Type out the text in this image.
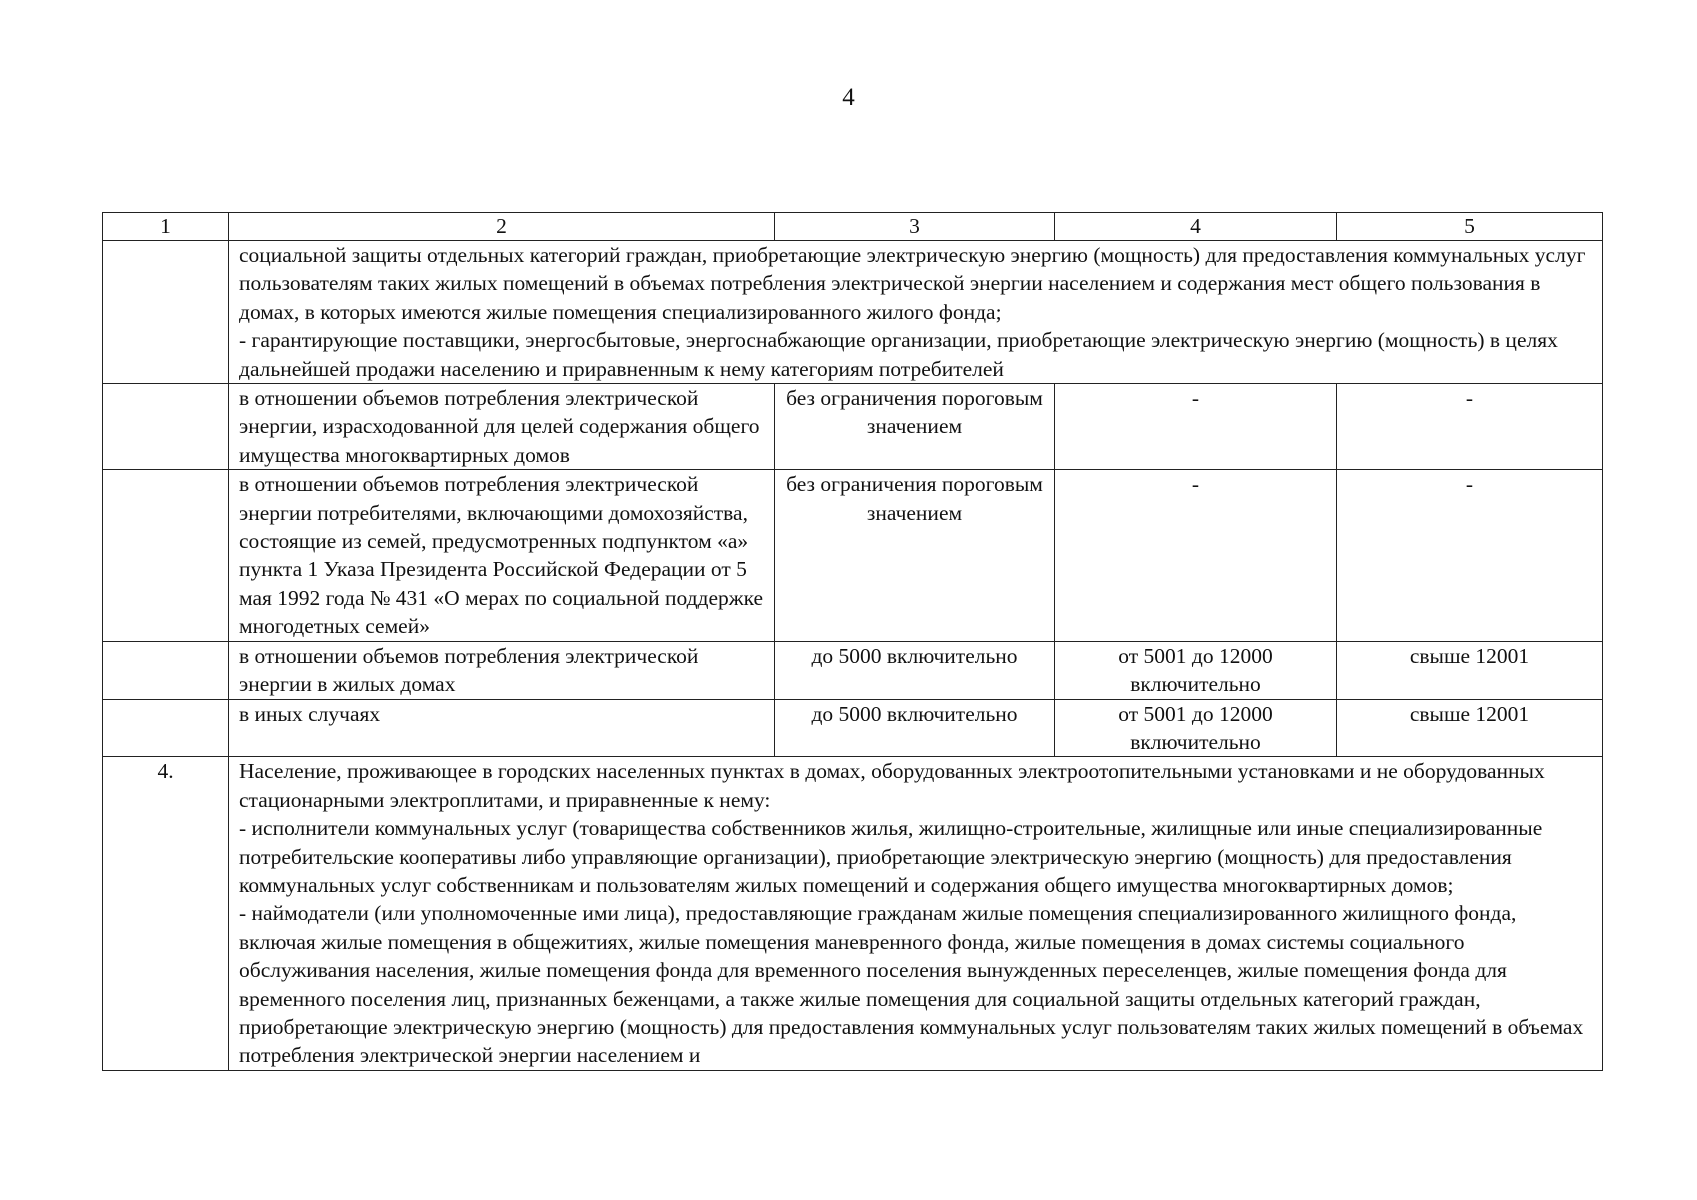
4
1	2	3	4	5

	социальной защиты отдельных категорий граждан, приобретающие электрическую энергию (мощность) для предоставления коммунальных услуг пользователям таких жилых помещений в объемах потребления электрической энергии населением и содержания мест общего пользования в домах, в которых имеются жилые помещения специализированного жилого фонда;
- гарантирующие поставщики, энергосбытовые, энергоснабжающие организации, приобретающие электрическую энергию (мощность) в целях дальнейшей продажи населению и приравненным к нему категориям потребителей			

	в отношении объемов потребления электрической энергии, израсходованной для целей содержания общего имущества многоквартирных домов	без ограничения пороговым значением	-	-
	в отношении объемов потребления электрической энергии потребителями, включающими домохозяйства, состоящие из семей, предусмотренных подпунктом «а» пункта 1 Указа Президента Российской Федерации от 5 мая 1992 года № 431 «О мерах по социальной поддержке многодетных семей»	без ограничения пороговым значением	-	-
	в отношении объемов потребления электрической энергии в жилых домах	до 5000 включительно	от 5001 до 12000 включительно	свыше 12001
	в иных случаях	до 5000 включительно	от 5001 до 12000 включительно	свыше 12001
4.	Население, проживающее в городских населенных пунктах в домах, оборудованных электроотопительными установками и не оборудованных стационарными электроплитами, и приравненные к нему:
- исполнители коммунальных услуг (товарищества собственников жилья, жилищно-строительные, жилищные или иные специализированные потребительские кооперативы либо управляющие организации), приобретающие электрическую энергию (мощность) для предоставления коммунальных услуг собственникам и пользователям жилых помещений и содержания общего имущества многоквартирных домов;
- наймодатели (или уполномоченные ими лица), предоставляющие гражданам жилые помещения специализированного жилищного фонда, включая жилые помещения в общежитиях, жилые помещения маневренного фонда, жилые помещения в домах системы социального обслуживания населения, жилые помещения фонда для временного поселения вынужденных переселенцев, жилые помещения фонда для временного поселения лиц, признанных беженцами, а также жилые помещения для социальной защиты отдельных категорий граждан, приобретающие электрическую энергию (мощность) для предоставления коммунальных услуг пользователям таких жилых помещений в объемах потребления электрической энергии населением и			
